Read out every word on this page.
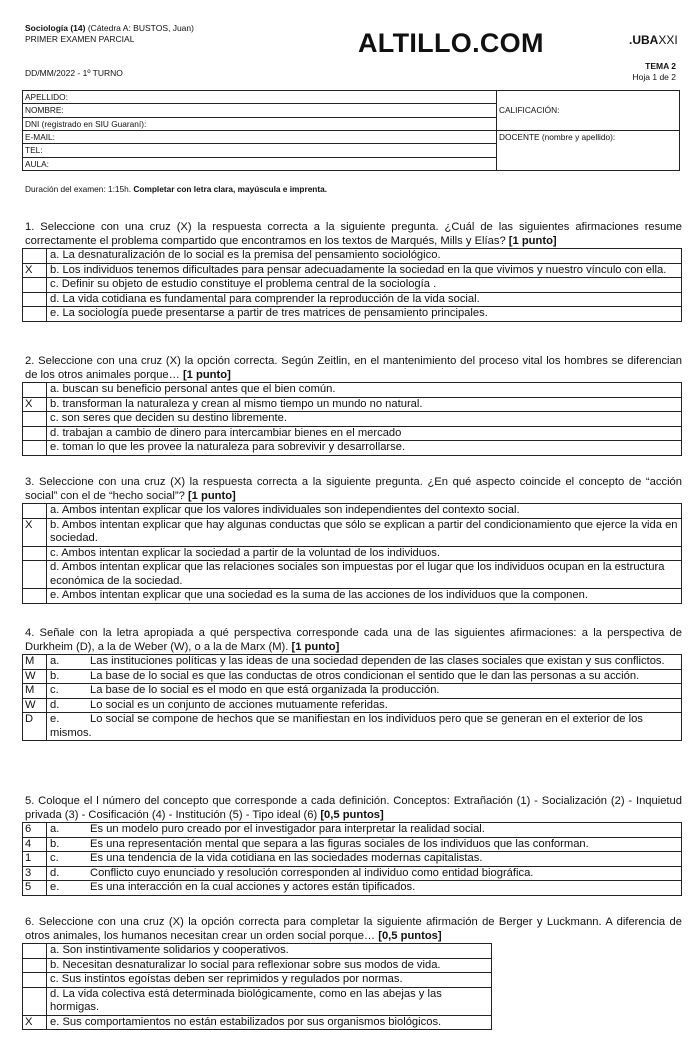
Sociología (14) (Cátedra A: BUSTOS, Juan)
PRIMER EXAMEN PARCIAL
DD/MM/2022 - 1º TURNO
ALTILLO.COM	.UBAXXI
TEMA 2
Hoja 1 de 2
APELLIDO:	CALIFICACIÓN:
NOMBRE:	
DNI (registrado en SIU Guaraní):	
E-MAIL:	DOCENTE (nombre y apellido):
TEL:	
AULA:	
Duración del examen: 1:15h. Completar con letra clara, mayúscula e imprenta.
1. Seleccione con una cruz (X) la respuesta correcta a la siguiente pregunta. ¿Cuál de las siguientes afirmaciones resume correctamente el problema compartido que encontramos en los textos de Marqués, Mills y Elías? [1 punto]
	a. La desnaturalización de lo social es la premisa del pensamiento sociológico.
X	b. Los individuos tenemos dificultades para pensar adecuadamente la sociedad en la que vivimos y nuestro vínculo con ella.
	c. Definir su objeto de estudio constituye el problema central de la sociología .
	d. La vida cotidiana es fundamental para comprender la reproducción de la vida social.
	e. La sociología puede presentarse a partir de tres matrices de pensamiento principales.
2. Seleccione con una cruz (X) la opción correcta. Según Zeitlin, en el mantenimiento del proceso vital los hombres se diferencian de los otros animales porque… [1 punto]
	a. buscan su beneficio personal antes que el bien común.
X	b. transforman la naturaleza y crean al mismo tiempo un mundo no natural.
	c. son seres que deciden su destino libremente.
	d. trabajan a cambio de dinero para intercambiar bienes en el mercado
	e. toman lo que les provee la naturaleza para sobrevivir y desarrollarse.
3. Seleccione con una cruz (X) la respuesta correcta a la siguiente pregunta. ¿En qué aspecto coincide el concepto de “acción social” con el de “hecho social”? [1 punto]
	a. Ambos intentan explicar que los valores individuales son independientes del contexto social.
X	b. Ambos intentan explicar que hay algunas conductas que sólo se explican a partir del condicionamiento que ejerce la vida en sociedad.
	c. Ambos intentan explicar la sociedad a partir de la voluntad de los individuos.
	d. Ambos intentan explicar que las relaciones sociales son impuestas por el lugar que los individuos ocupan en la estructura económica de la sociedad.
	e. Ambos intentan explicar que una sociedad es la suma de las acciones de los individuos que la componen.
4. Señale con la letra apropiada a qué perspectiva corresponde cada una de las siguientes afirmaciones: a la perspectiva de Durkheim (D), a la de Weber (W), o a la de Marx (M). [1 punto]
M	a. Las instituciones políticas y las ideas de una sociedad dependen de las clases sociales que existan y sus conflictos.
W	b. La base de lo social es que las conductas de otros condicionan el sentido que le dan las personas a su acción.
M	c. La base de lo social es el modo en que está organizada la producción.
W	d. Lo social es un conjunto de acciones mutuamente referidas.
D	e. Lo social se compone de hechos que se manifiestan en los individuos pero que se generan en el exterior de los mismos.
5. Coloque el l número del concepto que corresponde a cada definición. Conceptos: Extrañación (1) - Socialización (2) - Inquietud privada (3) - Cosificación (4) - Institución (5) - Tipo ideal (6) [0,5 puntos]
6	a. Es un modelo puro creado por el investigador para interpretar la realidad social.
4	b. Es una representación mental que separa a las figuras sociales de los individuos que las conforman.
1	c. Es una tendencia de la vida cotidiana en las sociedades modernas capitalistas.
3	d. Conflicto cuyo enunciado y resolución corresponden al individuo como entidad biográfica.
5	e. Es una interacción en la cual acciones y actores están tipificados.
6. Seleccione con una cruz (X) la opción correcta para completar la siguiente afirmación de Berger y Luckmann. A diferencia de otros animales, los humanos necesitan crear un orden social porque… [0,5 puntos]
	a. Son instintivamente solidarios y cooperativos.
	b. Necesitan desnaturalizar lo social para reflexionar sobre sus modos de vida.
	c. Sus instintos egoístas deben ser reprimidos y regulados por normas.
	d. La vida colectiva está determinada biológicamente, como en las abejas y las hormigas.
X	e. Sus comportamientos no están estabilizados por sus organismos biológicos.
